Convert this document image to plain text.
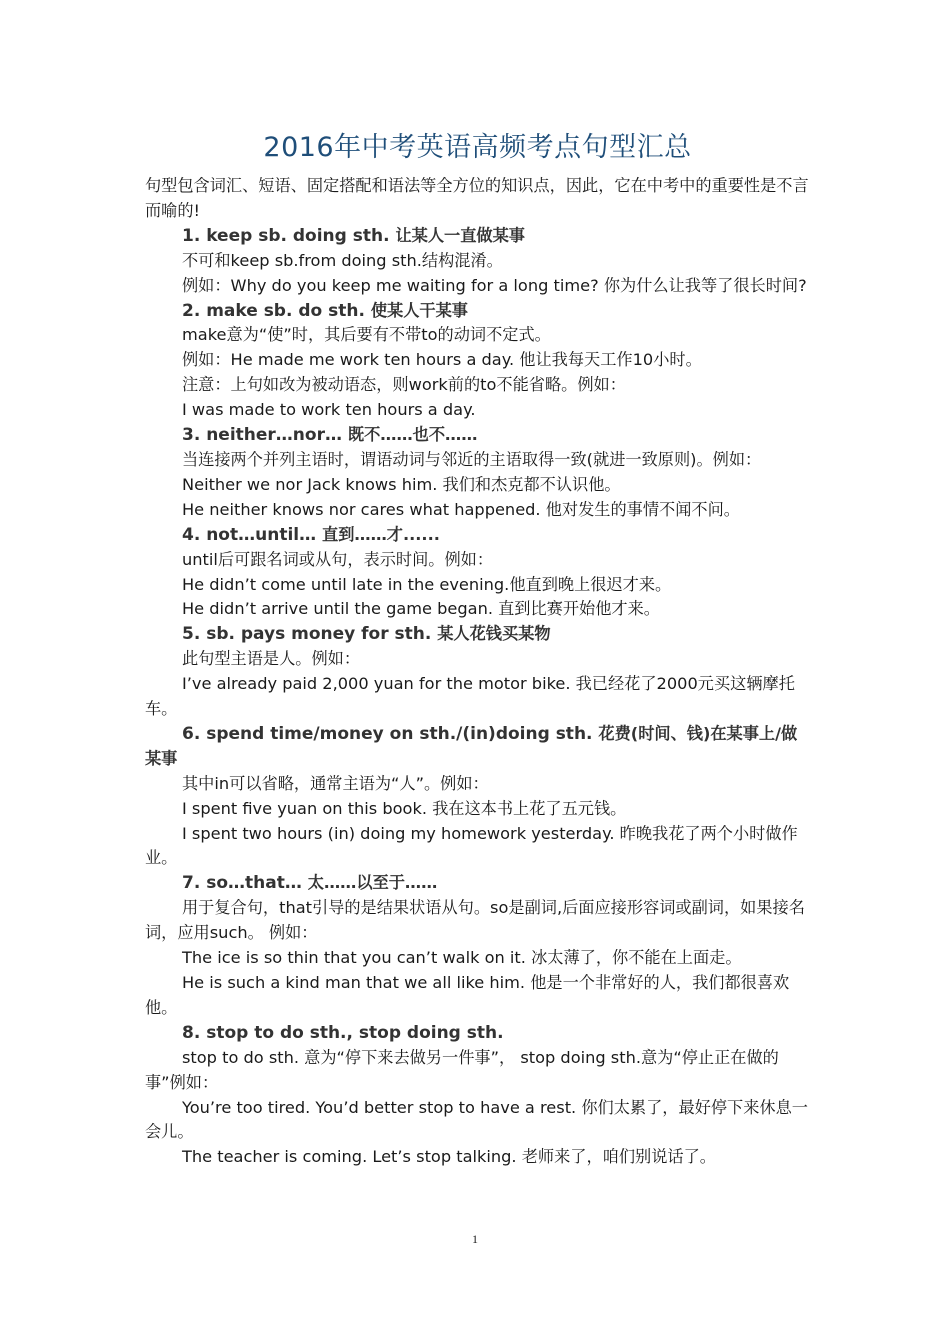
2016年中考英语高频考点句型汇总

句型包含词汇、短语、固定搭配和语法等全方位的知识点，因此，它在中考中的重要性是不言而喻的!

1. keep sb. doing sth. 让某人一直做某事

不可和keep sb.from doing sth.结构混淆。

例如：Why do you keep me waiting for a long time? 你为什么让我等了很长时间?

2. make sb. do sth. 使某人干某事

make意为“使”时，其后要有不带to的动词不定式。

例如：He made me work ten hours a day. 他让我每天工作10小时。

注意：上句如改为被动语态，则work前的to不能省略。例如：

I was made to work ten hours a day.

3. neither…nor… 既不……也不……

当连接两个并列主语时，谓语动词与邻近的主语取得一致(就进一致原则)。例如：

Neither we nor Jack knows him. 我们和杰克都不认识他。

He neither knows nor cares what happened. 他对发生的事情不闻不问。

4. not…until… 直到……才......

until后可跟名词或从句，表示时间。例如：

He didn’t come until late in the evening.他直到晚上很迟才来。

He didn’t arrive until the game began. 直到比赛开始他才来。

5. sb. pays money for sth. 某人花钱买某物

此句型主语是人。例如：

I’ve already paid 2,000 yuan for the motor bike. 我已经花了2000元买这辆摩托车。

6. spend time/money on sth./(in)doing sth. 花费(时间、钱)在某事上/做某事

其中in可以省略，通常主语为“人”。例如：

I spent five yuan on this book. 我在这本书上花了五元钱。

I spent two hours (in) doing my homework yesterday. 昨晚我花了两个小时做作业。

7. so…that… 太……以至于……

用于复合句，that引导的是结果状语从句。so是副词,后面应接形容词或副词，如果接名词，应用such。 例如：

The ice is so thin that you can’t walk on it. 冰太薄了，你不能在上面走。

He is such a kind man that we all like him. 他是一个非常好的人，我们都很喜欢他。

8. stop to do sth., stop doing sth.

stop to do sth. 意为“停下来去做另一件事”， stop doing sth.意为“停止正在做的事”例如：

You’re too tired. You’d better stop to have a rest. 你们太累了，最好停下来休息一会儿。

The teacher is coming. Let’s stop talking. 老师来了，咱们别说话了。

1
